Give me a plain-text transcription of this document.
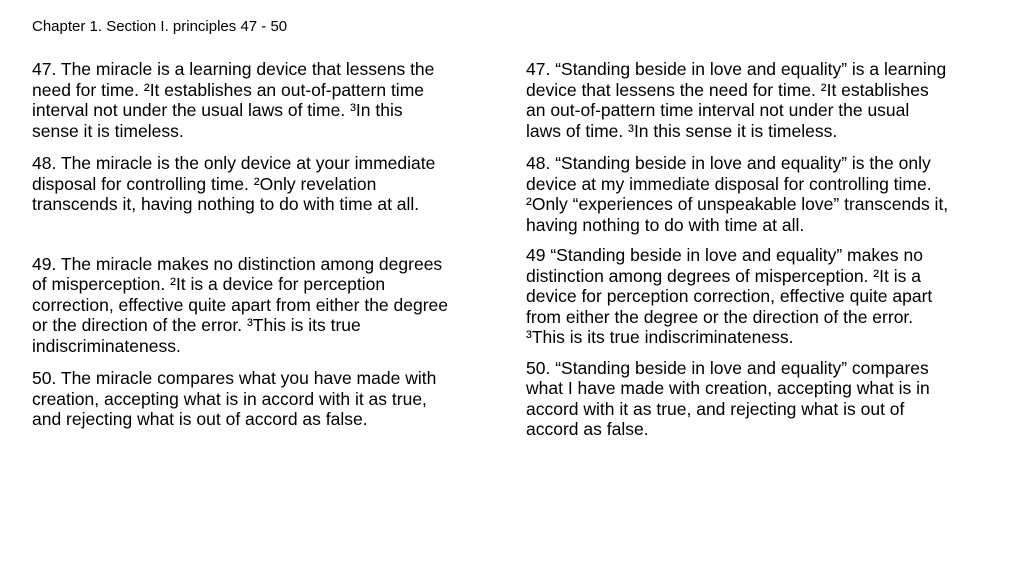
Chapter 1. Section I. principles 47 - 50

47. The miracle is a learning device that lessens the
need for time. ²It establishes an out-of-pattern time
interval not under the usual laws of time. ³In this
sense it is timeless.

48. The miracle is the only device at your immediate
disposal for controlling time. ²Only revelation
transcends it, having nothing to do with time at all.

49. The miracle makes no distinction among degrees
of misperception. ²It is a device for perception
correction, effective quite apart from either the degree
or the direction of the error. ³This is its true
indiscriminateness.

50. The miracle compares what you have made with
creation, accepting what is in accord with it as true,
and rejecting what is out of accord as false.

47. “Standing beside in love and equality” is a learning
device that lessens the need for time. ²It establishes
an out-of-pattern time interval not under the usual
laws of time. ³In this sense it is timeless.

48. “Standing beside in love and equality” is the only
device at my immediate disposal for controlling time.
²Only “experiences of unspeakable love” transcends it,
having nothing to do with time at all.

49 “Standing beside in love and equality” makes no
distinction among degrees of misperception. ²It is a
device for perception correction, effective quite apart
from either the degree or the direction of the error.
³This is its true indiscriminateness.

50. “Standing beside in love and equality” compares
what I have made with creation, accepting what is in
accord with it as true, and rejecting what is out of
accord as false.
